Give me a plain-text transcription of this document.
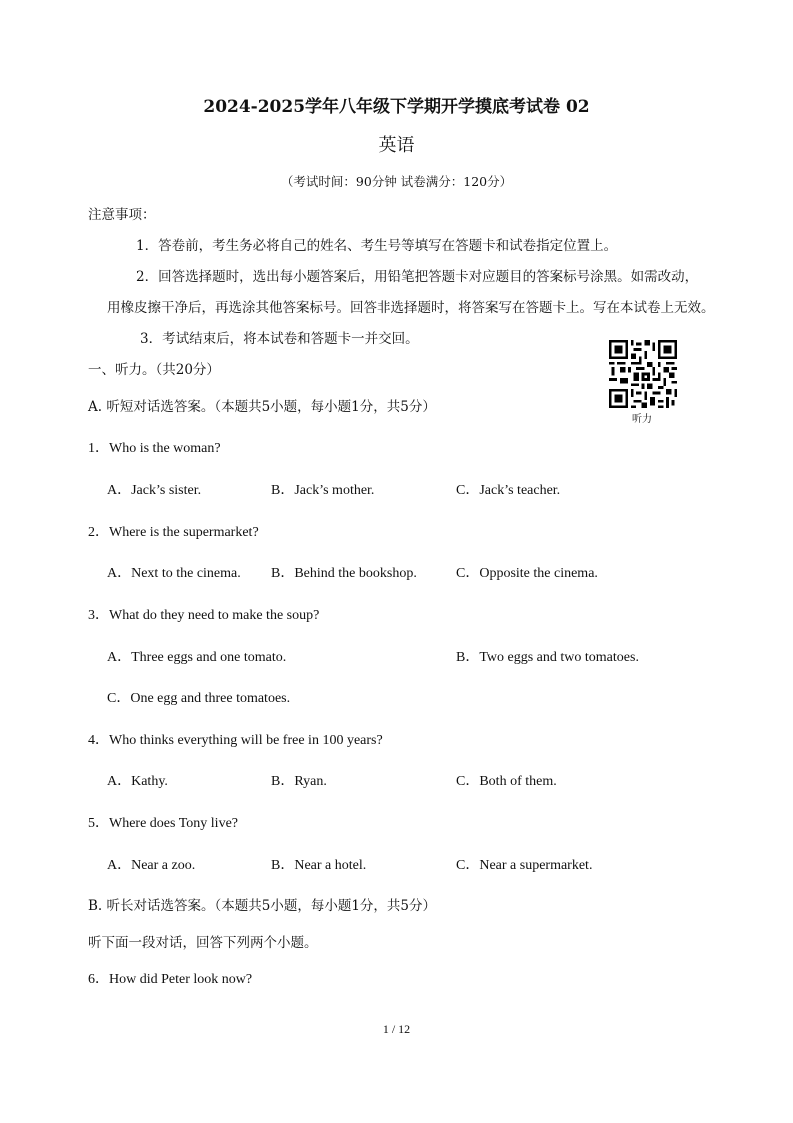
2024-2025学年八年级下学期开学摸底考试卷 02
英语
（考试时间：90分钟 试卷满分：120分）
注意事项：
1．答卷前，考生务必将自己的姓名、考生号等填写在答题卡和试卷指定位置上。
2．回答选择题时，选出每小题答案后，用铅笔把答题卡对应题目的答案标号涂黑。如需改动，
用橡皮擦干净后，再选涂其他答案标号。回答非选择题时，将答案写在答题卡上。写在本试卷上无效。
3．考试结束后，将本试卷和答题卡一并交回。
一、听力。（共20分）
听力
A. 听短对话选答案。（本题共5小题，每小题1分，共5分）
1．Who is the woman?
A．Jack’s sister.	B．Jack’s mother.	C．Jack’s teacher.
2．Where is the supermarket?
A．Next to the cinema. B．Behind the bookshop.	C．Opposite the cinema.
3．What do they need to make the soup?
A．Three eggs and one tomato.	B．Two eggs and two tomatoes.
C．One egg and three tomatoes.
4．Who thinks everything will be free in 100 years?
A．Kathy.	B．Ryan.	C．Both of them.
5．Where does Tony live?
A．Near a zoo.	B．Near a hotel.	C．Near a supermarket.
B. 听长对话选答案。（本题共5小题，每小题1分，共5分）
听下面一段对话，回答下列两个小题。
6．How did Peter look now?
1 / 12
